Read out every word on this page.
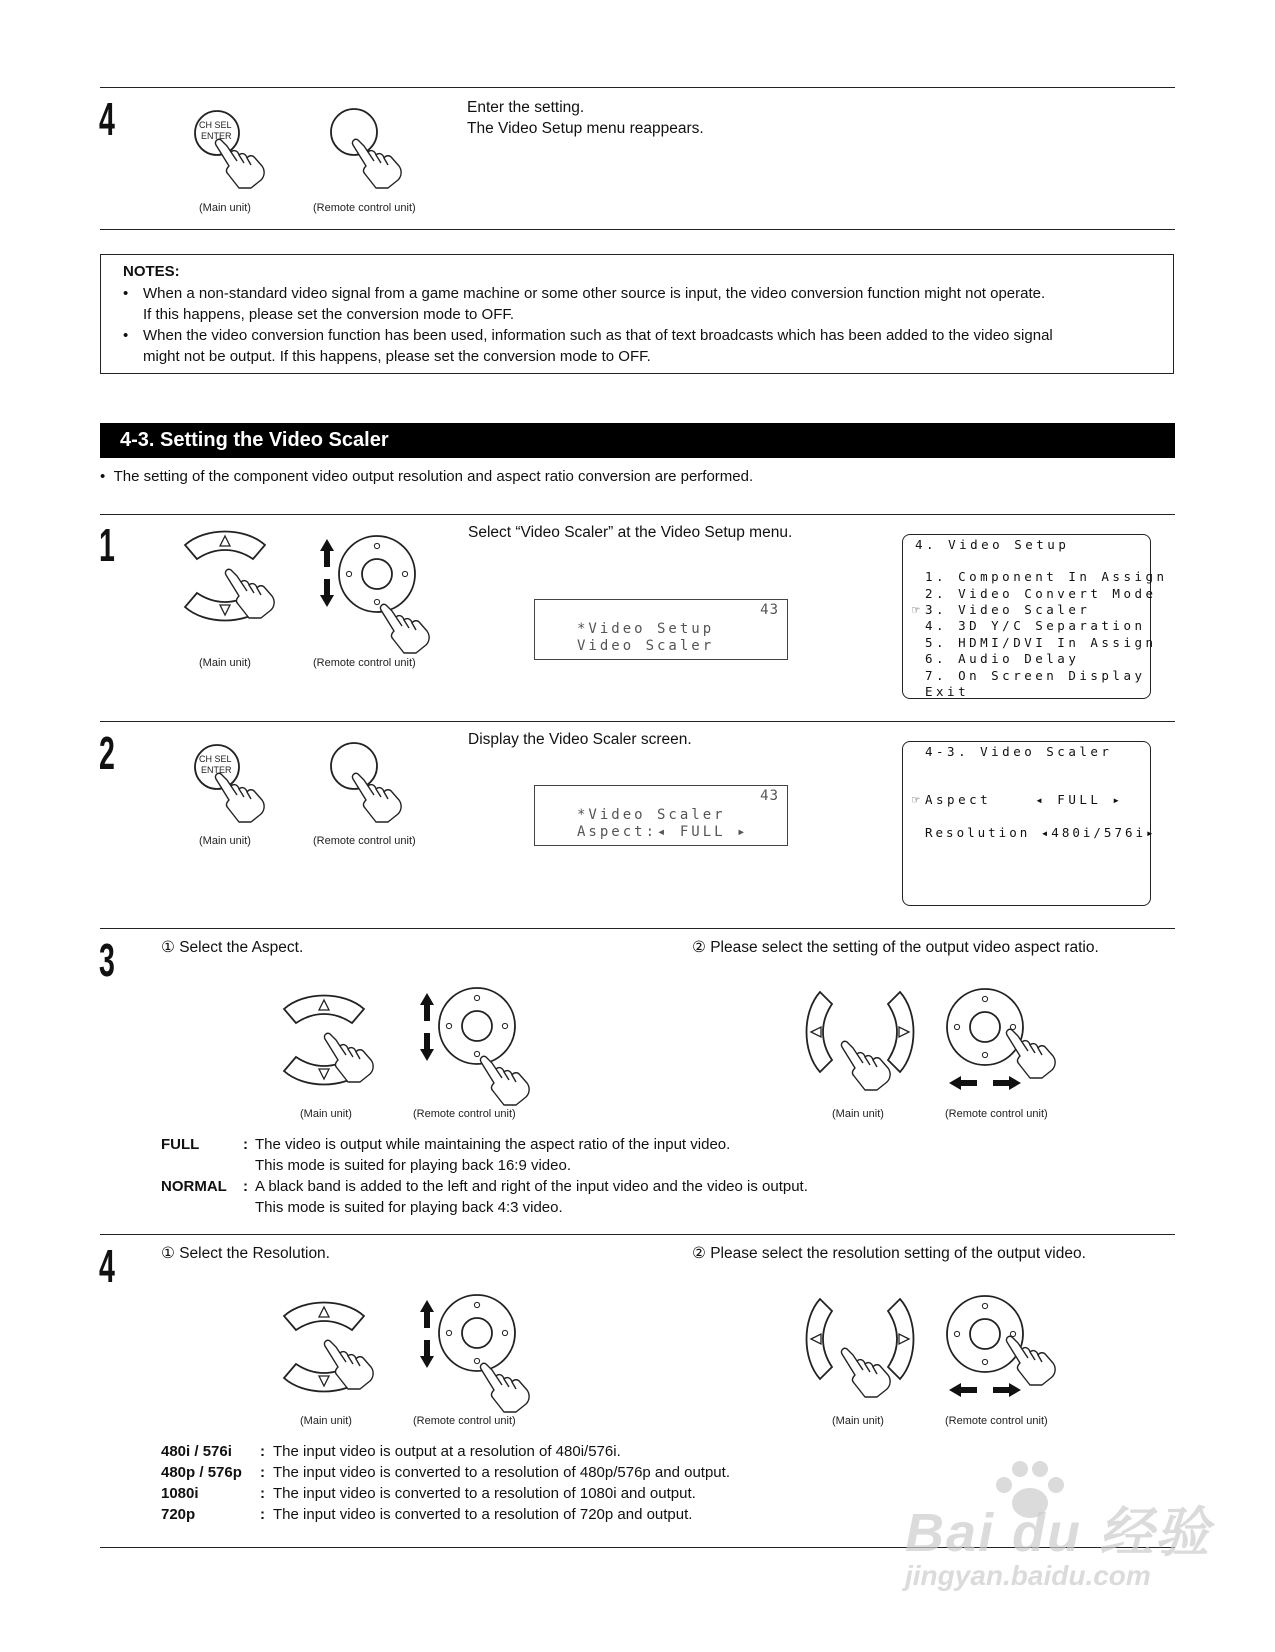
4	CH SEL
ENTER
(Main unit)	(Remote control unit)
Enter the setting.
The Video Setup menu reappears.
NOTES:
• When a non-standard video signal from a game machine or some other source is input, the video conversion function might not operate.
If this happens, please set the conversion mode to OFF.
• When the video conversion function has been used, information such as that of text broadcasts which has been added to the video signal
might not be output. If this happens, please set the conversion mode to OFF.
4-3. Setting the Video Scaler
•  The setting of the component video output resolution and aspect ratio conversion are performed.
1
(Main unit)	(Remote control unit)
Select “Video Scaler” at the Video Setup menu.
43
*Video Setup
Video Scaler
4. Video Setup
1. Component In Assign
2. Video Convert Mode
☞ 3. Video Scaler
4. 3D Y/C Separation
5. HDMI/DVI In Assign
6. Audio Delay
7. On Screen Display
Exit
2	CH SEL
ENTER
(Main unit)	(Remote control unit)
Display the Video Scaler screen.
43
*Video Scaler
Aspect:◂ FULL ▸
4-3. Video Scaler
☞ Aspect    ◂ FULL ▸
Resolution ◂480i/576i▸
3	① Select the Aspect.	② Please select the setting of the output video aspect ratio.
(Main unit)	(Remote control unit)	(Main unit)	(Remote control unit)
FULL	: The video is output while maintaining the aspect ratio of the input video.
This mode is suited for playing back 16:9 video.
NORMAL : A black band is added to the left and right of the input video and the video is output.
This mode is suited for playing back 4:3 video.
4	① Select the Resolution.	② Please select the resolution setting of the output video.
(Main unit)	(Remote control unit)	(Main unit)	(Remote control unit)
480i / 576i : The input video is output at a resolution of 480i/576i.
480p / 576p : The input video is converted to a resolution of 480p/576p and output.
1080i	: The input video is converted to a resolution of 1080i and output.
720p	: The input video is converted to a resolution of 720p and output.	Bai du 经验
jingyan.baidu.com
